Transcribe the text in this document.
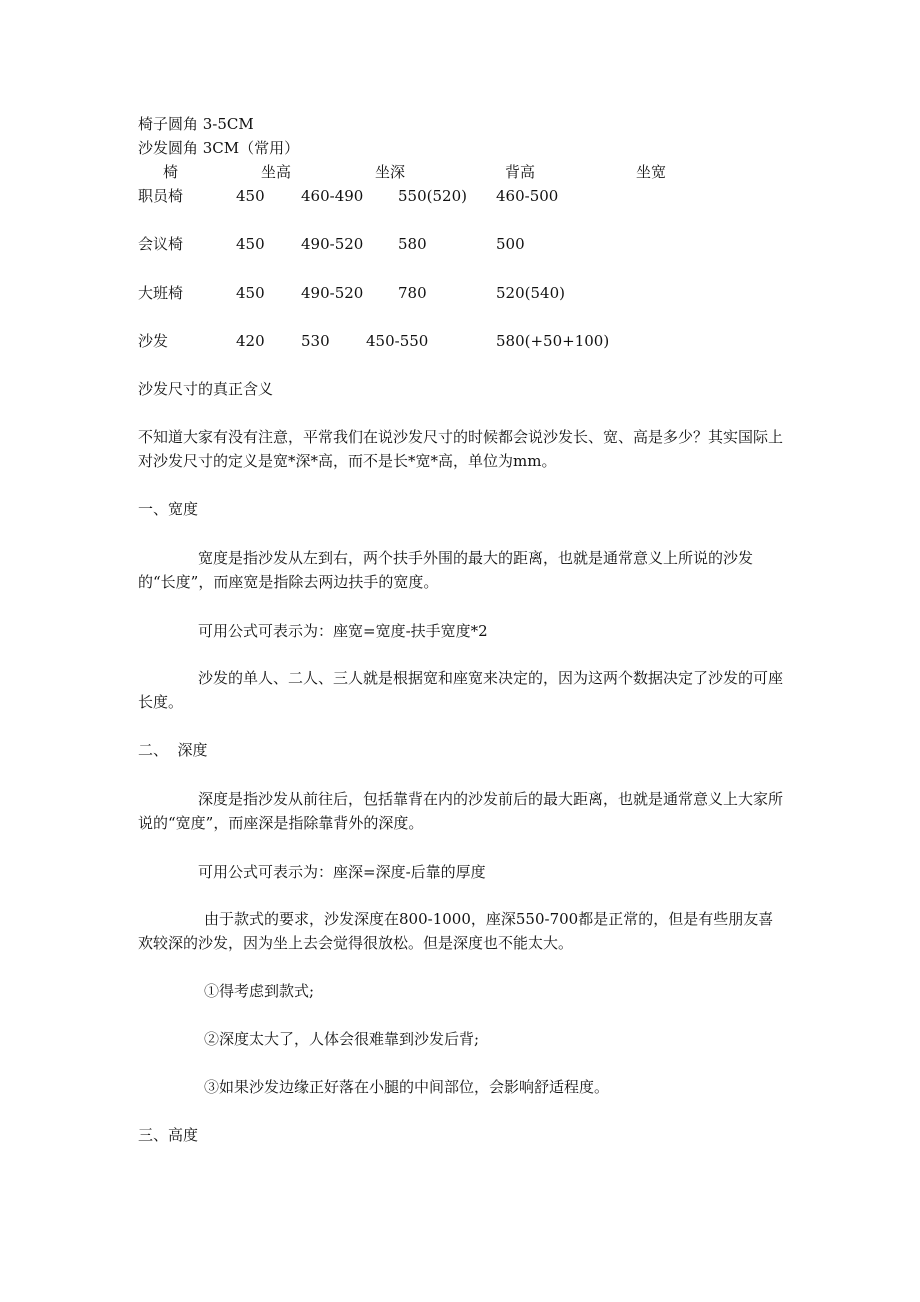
椅子圆角 3-5CM
沙发圆角 3CM（常用）
椅	坐高	坐深	背高	坐宽
职员椅	450 460-490 550(520) 460-500
会议椅	450 490-520 580	500
大班椅	450 490-520 780	520(540)
沙发	420 530 450-550	580(+50+100)
沙发尺寸的真正含义
不知道大家有没有注意，平常我们在说沙发尺寸的时候都会说沙发长、宽、高是多少？其实国际上对沙发尺寸的定义是宽*深*高，而不是长*宽*高，单位为mm。
一、宽度
宽度是指沙发从左到右，两个扶手外围的最大的距离，也就是通常意义上所说的沙发的“长度”，而座宽是指除去两边扶手的宽度。
可用公式可表示为：座宽=宽度-扶手宽度*2
沙发的单人、二人、三人就是根据宽和座宽来决定的，因为这两个数据决定了沙发的可座长度。
二、  深度
深度是指沙发从前往后，包括靠背在内的沙发前后的最大距离，也就是通常意义上大家所说的“宽度”，而座深是指除靠背外的深度。
可用公式可表示为：座深=深度-后靠的厚度
由于款式的要求，沙发深度在800-1000，座深550-700都是正常的，但是有些朋友喜欢较深的沙发，因为坐上去会觉得很放松。但是深度也不能太大。
①得考虑到款式;
②深度太大了，人体会很难靠到沙发后背;
③如果沙发边缘正好落在小腿的中间部位，会影响舒适程度。
三、高度
